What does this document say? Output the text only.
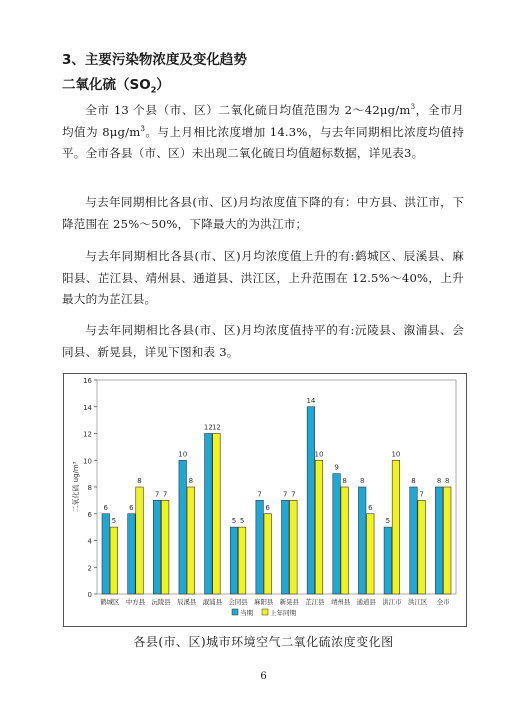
3、主要污染物浓度及变化趋势
二氧化硫$(SO_2)$
全市 13 个县（市、区）二氧化硫日均值范围为 $2\sim 42\mu g/m^3$，全市月均值为 $8\mu g/m^3$。与上月相比浓度增加 14.3%，与去年同期相比浓度均值持平。全市各县（市、区）未出现二氧化硫日均值超标数据，详见表3。
与去年同期相比各县(市、区)月均浓度值下降的有：中方县、洪江市，下降范围在 25%～50%，下降最大的为洪江市；
与去年同期相比各县(市、区)月均浓度值上升的有:鹤城区、辰溪县、麻阳县、芷江县、靖州县、通道县、洪江区，上升范围在 12.5%～40%，上升最大的为芷江县。
与去年同期相比各县(市、区)月均浓度值持平的有:沅陵县、溆浦县、会同县、新晃县，详见下图和表 3。
0
2
4
6
8
10
12
14
16
二氧化硫 ug/m³	6
5
鹤城区
6
8
中方县
7 7
沅陵县
10
8
辰溪县
12 12
溆浦县
5 5
会同县
7
6
麻阳县
7 7
新晃县
14
10
芷江县
9
8
靖州县
8
6
通道县
5
10
洪江市
8
7
洪江区
8 8
全市
当期	上年同期
各县(市、区)城市环境空气二氧化硫浓度变化图
6
